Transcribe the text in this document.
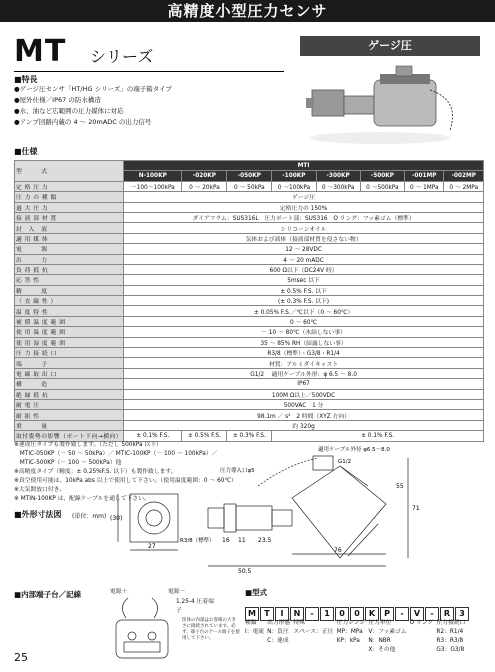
高精度小型圧力センサ
MT シリーズ
ゲージ圧
■特長
●ゲージ圧センサ「HT/HG シリーズ」の端子箱タイプ
●屋外仕様／IP67 の防水構造
●水、油など広範囲の圧力媒体に対応
●アンプ回路内蔵の 4 ～ 20mADC の出力信号
■仕様
型　　　式	MTI							
	N-100KP	-020KP	-050KP	-100KP	-300KP	-500KP	-001MP	-002MP
定 格 圧 力	－100～100kPa	0 ～ 20kPa	0 ～ 50kPa	0 ～100kPa	0 ～300kPa	0 ～500kPa	0 ～ 1MPa	0 ～ 2MPa
圧 力 の 種 類	ゲージ圧							
過 大 圧 力	定格圧力の 150%							
接 液 部 材 質	ダイアフラム：SUS316L　圧力ポート部：SUS316　O リング：フッ素ゴム（標準）							
封　入　液	シリコーンオイル							
適 用 媒 体	気体および液体（接液部材質を侵さない物）							
電　　　源	12 ～ 28VDC							
出　　　力	4 ～ 20 mADC							
負 荷 抵 抗	600 Ω以下（DC24V 時）							
応 答 性	5msec 以下							
精　　　度	± 0.5% F.S. 以下							
（ 直 線 性 ）	(± 0.3% F.S. 以下)							
温 度 特 性	± 0.05% F.S.／℃以下（0 ～ 60℃）							
補 償 温 度 範 囲	0 ～ 60℃							
使 用 温 度 範 囲	－ 10 ～ 80℃（氷結しない事）							
使 用 湿 度 範 囲	35 ～ 85% RH（結露しない事）							
圧 力 接 続 口	R3/8（標準）・G3/8・R1/4							
端　　　子	材質：アルミダイキャスト							
電 線 取 出 口	G1/2　 適用ケーブル外形：φ 6.5 ～ 8.0							
構　　　造	IP67							
絶 縁 抵 抗	100M Ω以上／500VDC							
耐 電 圧	500VAC　1 分							
耐 振 性	98.1m ／ s²　2 時間（XYZ 方向）							
重　　　量	約 320g							
取付姿勢の影響（ポート下向→横向）	± 0.1% F.S.	± 0.5% F.S.	± 0.3% F.S.	± 0.1% F.S.				
※連成圧タイプも製作致します。（ただし 500kPa 以下）
　MTIC-050KP（－ 50 ～ 50kPa）／ MTIC-100KP（－ 100 ～ 100kPa）／
　MTIC-500KP（－ 100 ～ 500kPa）他
※高精度タイプ（精度：± 0.25%F.S. 以下）も製作致します。
※真空使用可能は、10kPa abs 以上で使用して下さい。（使用温度範囲：0 ～ 60℃）
※大気開放口付き。
※ MTIN-100KP は、配線ケーブルを通して下さい。
■外形寸法図 (単位：mm)
適用ケーブル外径 φ6.5～8.0
G1/2
圧力導入口φ5
(30)
27
R3/8（標準） 16 11 23.5
50.5
76
55
71
■内部端子台／記線	電源＋	電源－
1.25-4 圧着端子
筐体の内部はお客様の大きさに接続されています。必ず、端子台のアース端子を使用して下さい。
■型式
M T I N - 1 0 0 K P - V - R 3
種類
I：電流
出力形態
N：負圧
C：連成
特殊
スペース：正圧
圧力レンジ
MP：MPa
KP：kPa
圧力単位
V：フッ素ゴム
N：NBR
X：その他
O リング 圧力接続口
R2：R1/4
R3：R3/8
G3：G3/8
25
